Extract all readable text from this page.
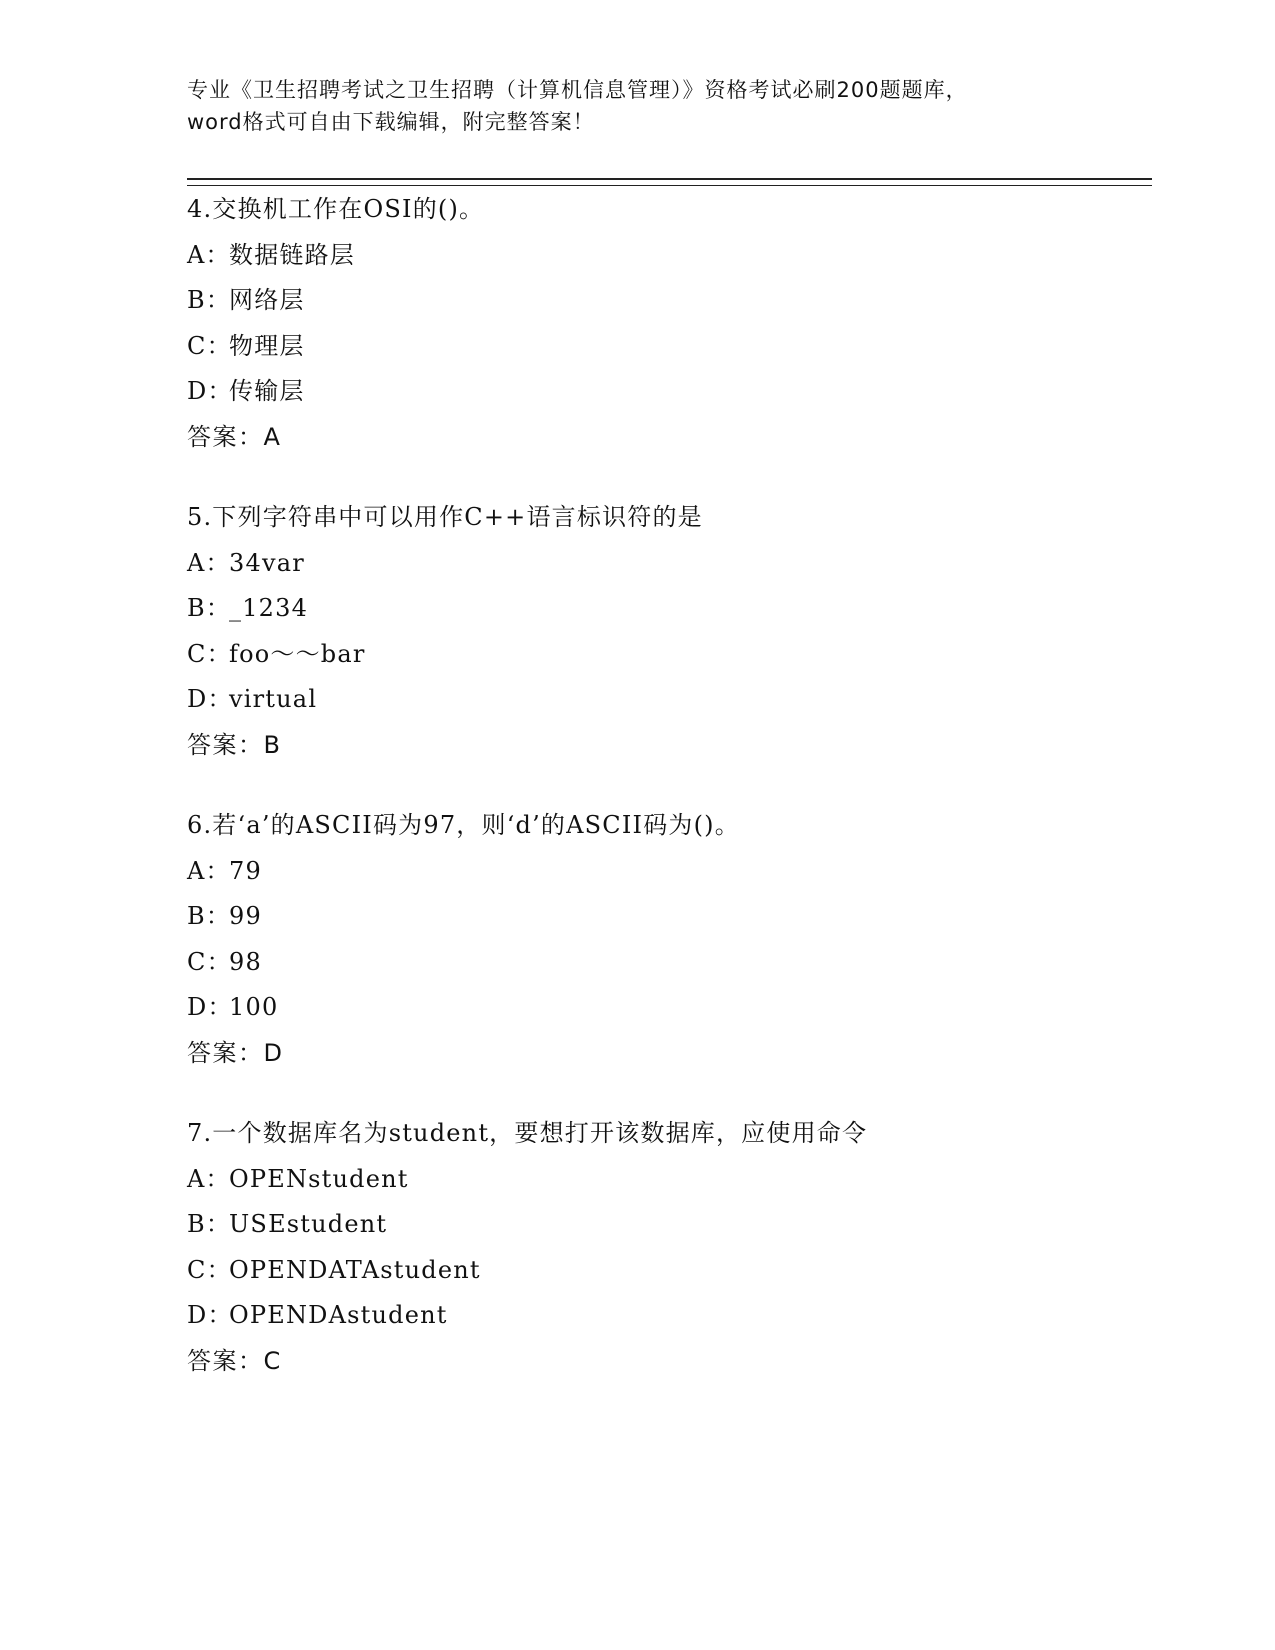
专业《卫生招聘考试之卫生招聘（计算机信息管理）》资格考试必刷200题题库，
word格式可自由下载编辑，附完整答案！
4.交换机工作在OSI的()。
A：数据链路层
B：网络层
C：物理层
D：传输层
答案：A
5.下列字符串中可以用作C++语言标识符的是
A：34var
B：_1234
C：foo～～bar
D：virtual
答案：B
6.若‘a’的ASCII码为97，则‘d’的ASCII码为()。
A：79
B：99
C：98
D：100
答案：D
7.一个数据库名为student，要想打开该数据库，应使用命令
A：OPENstudent
B：USEstudent
C：OPENDATAstudent
D：OPENDAstudent
答案：C
